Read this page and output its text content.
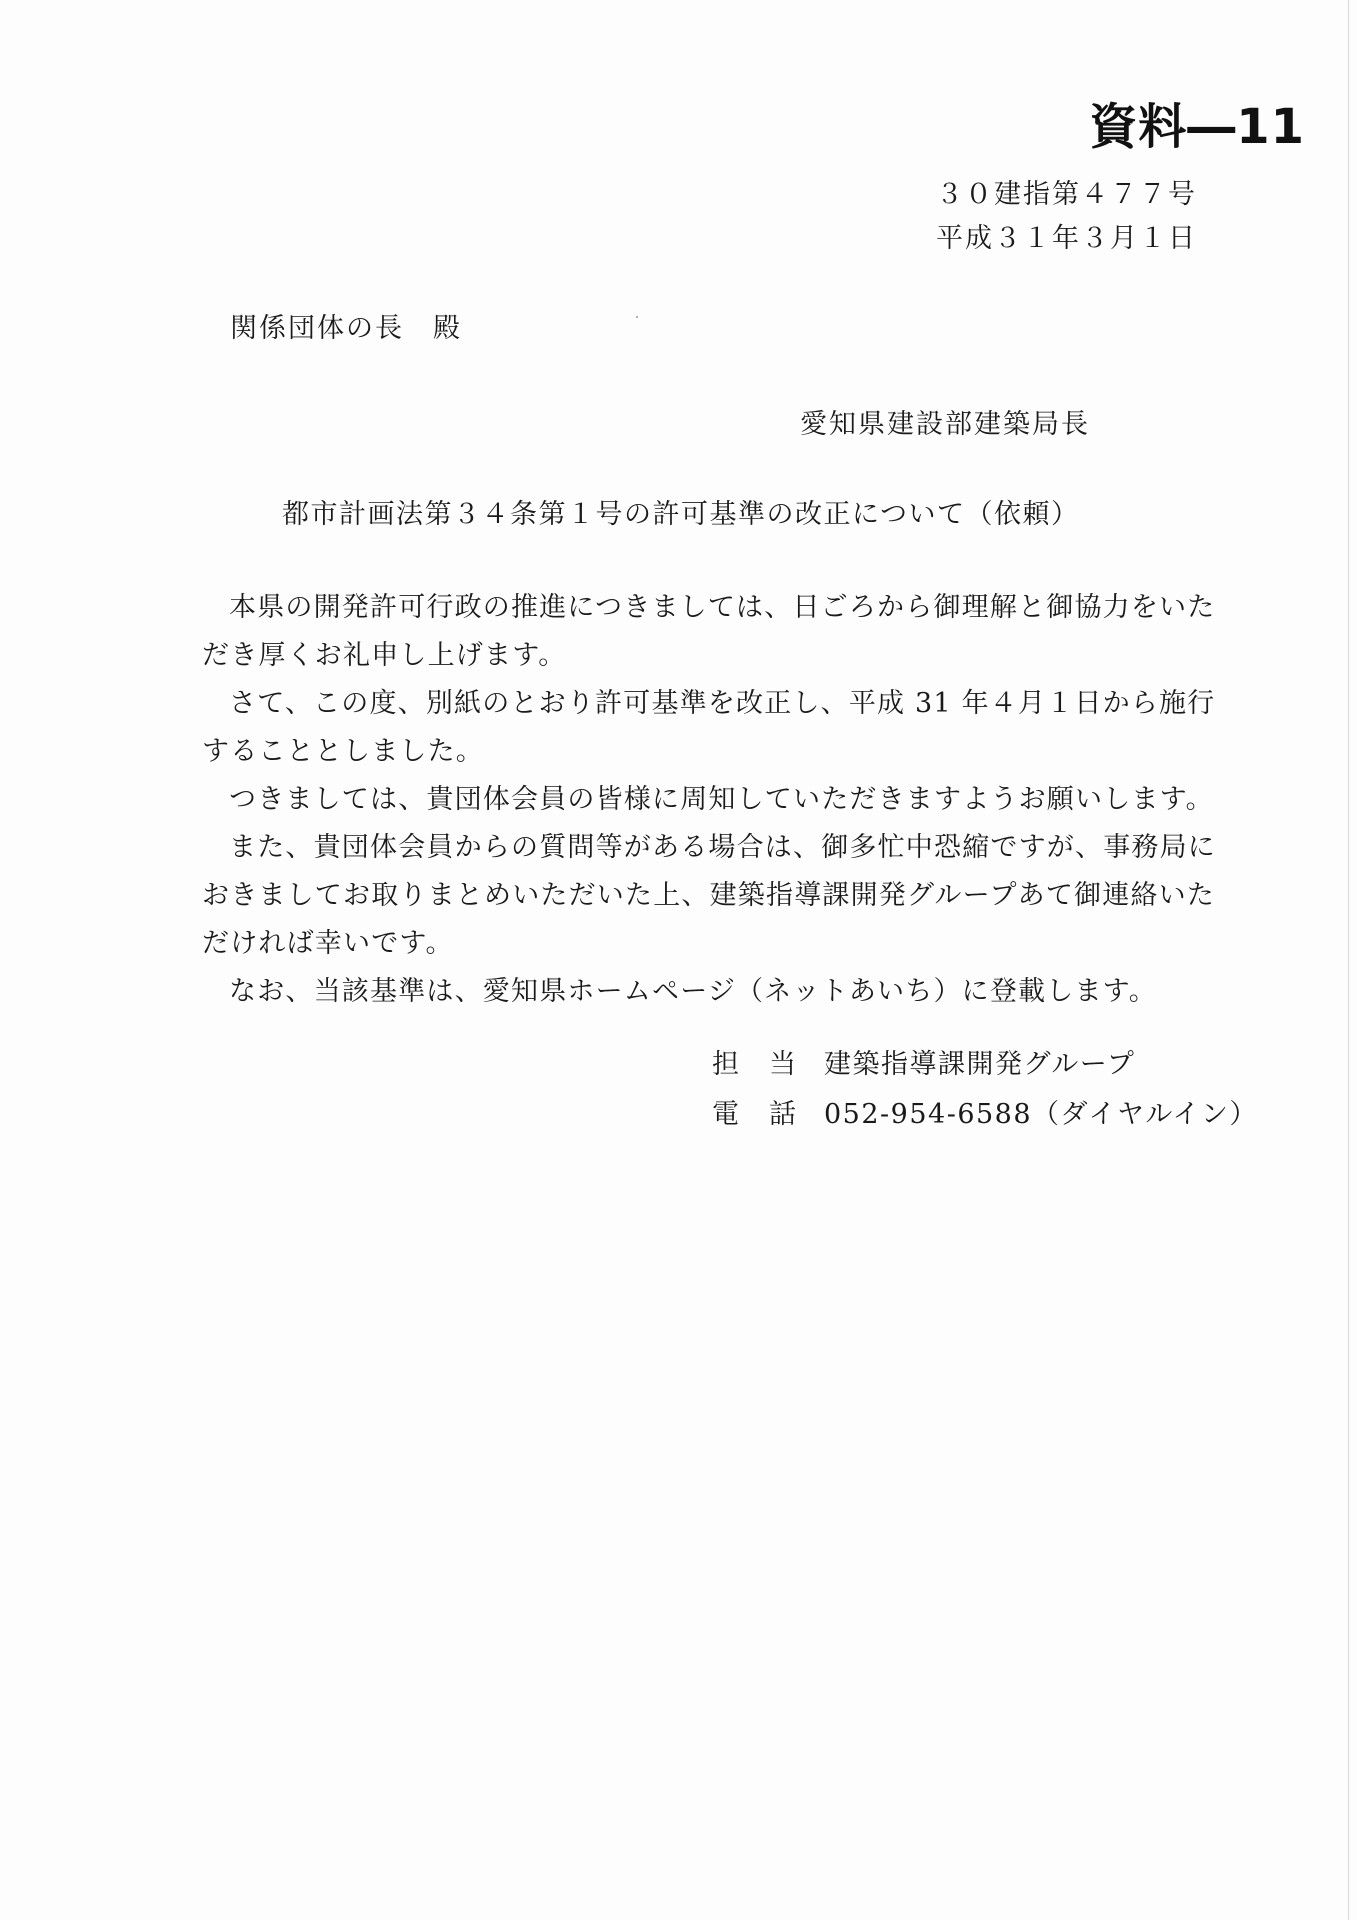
資料―11
３０建指第４７７号
平成３１年３月１日
関係団体の長　殿
愛知県建設部建築局長
都市計画法第３４条第１号の許可基準の改正について（依頼）

本県の開発許可行政の推進につきましては、日ごろから御理解と御協力をいただき厚くお礼申し上げます。

さて、この度、別紙のとおり許可基準を改正し、平成 31 年４月１日から施行することとしました。

つきましては、貴団体会員の皆様に周知していただきますようお願いします。

また、貴団体会員からの質問等がある場合は、御多忙中恐縮ですが、事務局におきましてお取りまとめいただいた上、建築指導課開発グループあて御連絡いただければ幸いです。

なお、当該基準は、愛知県ホームページ（ネットあいち）に登載します。

担　当 建築指導課開発グループ
電　話 052-954-6588（ダイヤルイン）
